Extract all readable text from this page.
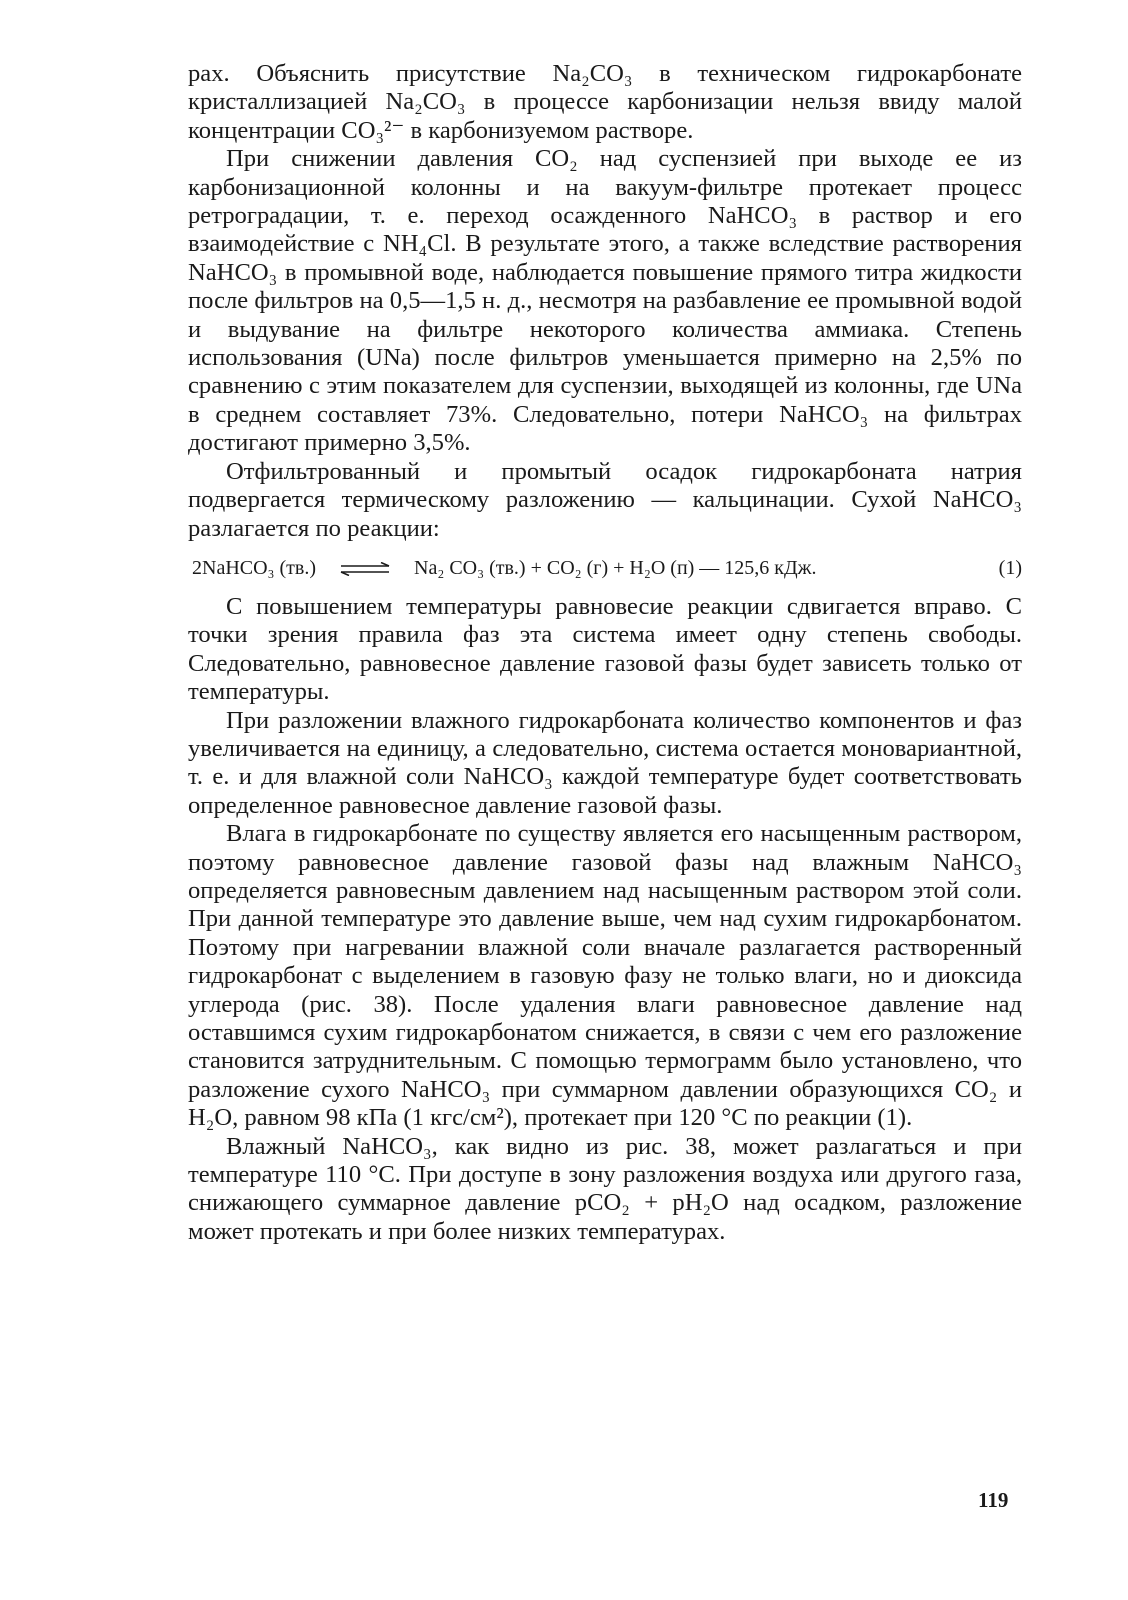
рах. Объяснить присутствие Na₂CO₃ в техническом гидрокарбонате кристаллизацией Na₂CO₃ в процессе карбонизации нельзя ввиду малой концентрации CO₃²⁻ в карбонизуемом растворе.

При снижении давления CO₂ над суспензией при выходе ее из карбонизационной колонны и на вакуум-фильтре протекает процесс ретроградации, т. е. переход осажденного NaHCO₃ в раствор и его взаимодействие с NH₄Cl. В результате этого, а также вследствие растворения NaHCO₃ в промывной воде, наблюдается повышение прямого титра жидкости после фильтров на 0,5—1,5 н. д., несмотря на разбавление ее промывной водой и выдувание на фильтре некоторого количества аммиака. Степень использования (UNa) после фильтров уменьшается примерно на 2,5% по сравнению с этим показателем для суспензии, выходящей из колонны, где UNa в среднем составляет 73%. Следовательно, потери NaHCO₃ на фильтрах достигают примерно 3,5%.

Отфильтрованный и промытый осадок гидрокарбоната натрия подвергается термическому разложению — кальцинации. Сухой NaHCO₃ разлагается по реакции:

2NaHCO₃ (тв.) ⇌ Na₂ CO₃ (тв.) + CO₂ (г) + H₂O (п) — 125,6 кДж.	(1)

С повышением температуры равновесие реакции сдвигается вправо. С точки зрения правила фаз эта система имеет одну степень свободы. Следовательно, равновесное давление газовой фазы будет зависеть только от температуры.

При разложении влажного гидрокарбоната количество компонентов и фаз увеличивается на единицу, а следовательно, система остается моновариантной, т. е. и для влажной соли NaHCO₃ каждой температуре будет соответствовать определенное равновесное давление газовой фазы.

Влага в гидрокарбонате по существу является его насыщенным раствором, поэтому равновесное давление газовой фазы над влажным NaHCO₃ определяется равновесным давлением над насыщенным раствором этой соли. При данной температуре это давление выше, чем над сухим гидрокарбонатом. Поэтому при нагревании влажной соли вначале разлагается растворенный гидрокарбонат с выделением в газовую фазу не только влаги, но и диоксида углерода (рис. 38). После удаления влаги равновесное давление над оставшимся сухим гидрокарбонатом снижается, в связи с чем его разложение становится затруднительным. С помощью термограмм было установлено, что разложение сухого NaHCO₃ при суммарном давлении образующихся CO₂ и H₂O, равном 98 кПа (1 кгс/см²), протекает при 120 °C по реакции (1).

Влажный NaHCO₃, как видно из рис. 38, может разлагаться и при температуре 110 °C. При доступе в зону разложения воздуха или другого газа, снижающего суммарное давление pCO₂ + pH₂O над осадком, разложение может протекать и при более низких температурах.

119
